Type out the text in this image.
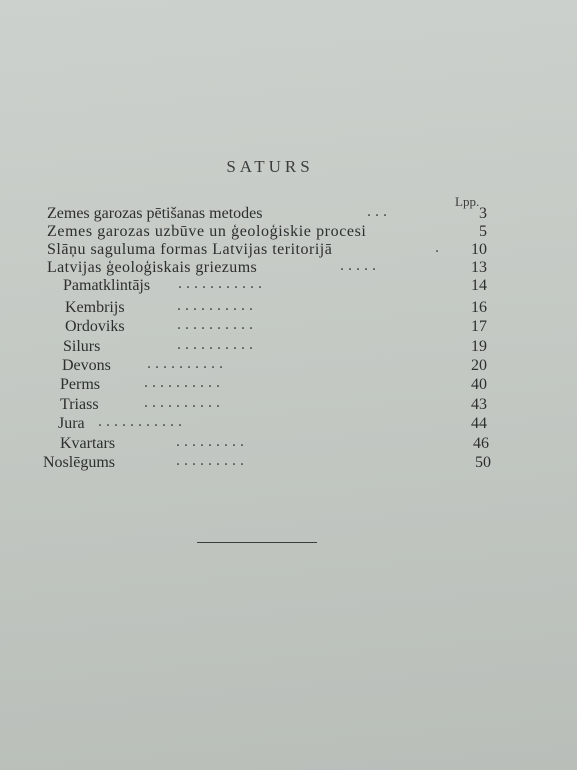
SATURS
Lpp.
Zemes garozas pētišanas metodes	. . .	3
Zemes garozas uzbūve un ģeoloģiskie procesi	5
Slāņu saguluma formas Latvijas teritorijā	.	10
Latvijas ģeoloģiskais griezums	. . . . .	13
Pamatklintājs . . . . . . . . . . .	14
Kembrijs	. . . . . . . . . .	16
Ordoviks	. . . . . . . . . .	17
Silurs	. . . . . . . . . .	19
Devons . . . . . . . . . .	20
Perms	. . . . . . . . . .	40
Triass	. . . . . . . . . .	43
Jura . . . . . . . . . . .	44
Kvartars	. . . . . . . . .	46
Noslēgums	. . . . . . . . .	50
